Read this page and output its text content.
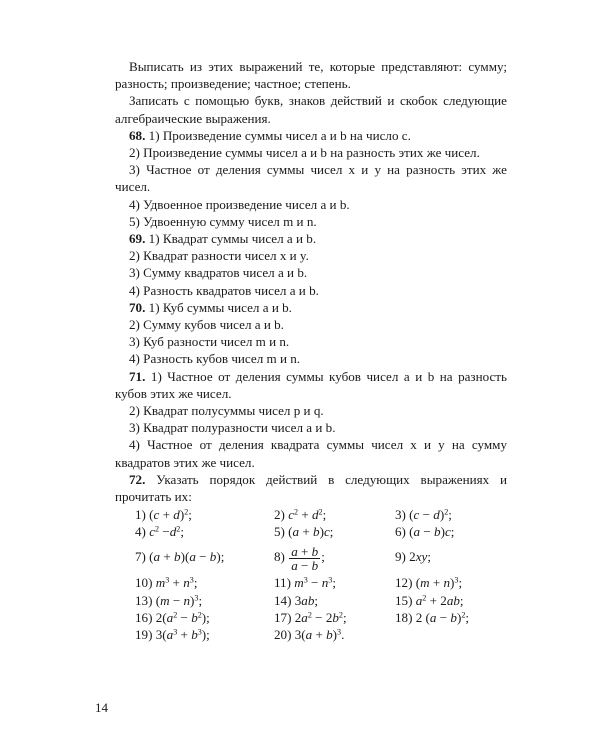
Выписать из этих выражений те, которые представляют: сумму; разность; произведение; частное; степень.

Записать с помощью букв, знаков действий и скобок следующие алгебраические выражения.

68. 1) Произведение суммы чисел a и b на число c.

2) Произведение суммы чисел a и b на разность этих же чисел.

3) Частное от деления суммы чисел x и y на разность этих же чисел.

4) Удвоенное произведение чисел a и b.

5) Удвоенную сумму чисел m и n.

69. 1) Квадрат суммы чисел a и b.

2) Квадрат разности чисел x и y.

3) Сумму квадратов чисел a и b.

4) Разность квадратов чисел a и b.

70. 1) Куб суммы чисел a и b.

2) Сумму кубов чисел a и b.

3) Куб разности чисел m и n.

4) Разность кубов чисел m и n.

71. 1) Частное от деления суммы кубов чисел a и b на разность кубов этих же чисел.

2) Квадрат полусуммы чисел p и q.

3) Квадрат полуразности чисел a и b.

4) Частное от деления квадрата суммы чисел x и y на сумму квадратов этих же чисел.

72. Указать порядок действий в следующих выражениях и прочитать их:

1) $(c + d)^2$;	2) $c^2 + d^2$;	3) $(c - d)^2$;
4) $c^2 -d^2$;	5) (a + b)c;	6) (a − b)c;
7) (a + b)(a − b);	$8) \frac{a + b}{a - b}$ ;	9) 2xy;
10) $m^3 + n^3$;	11) $m^3 - n^3$;	12) $(m + n)^3$;
13) $(m - n)^3$;	14) 3ab;	15) $a^2 + 2ab$;
16) $2(a^2 - b^2)$;	17) $2a^2 - 2b^2$;	18) 2 $(a - b)^2$;
19) $3(a^3 + b^3)$;	20) $3(a + b)^3$.
14
